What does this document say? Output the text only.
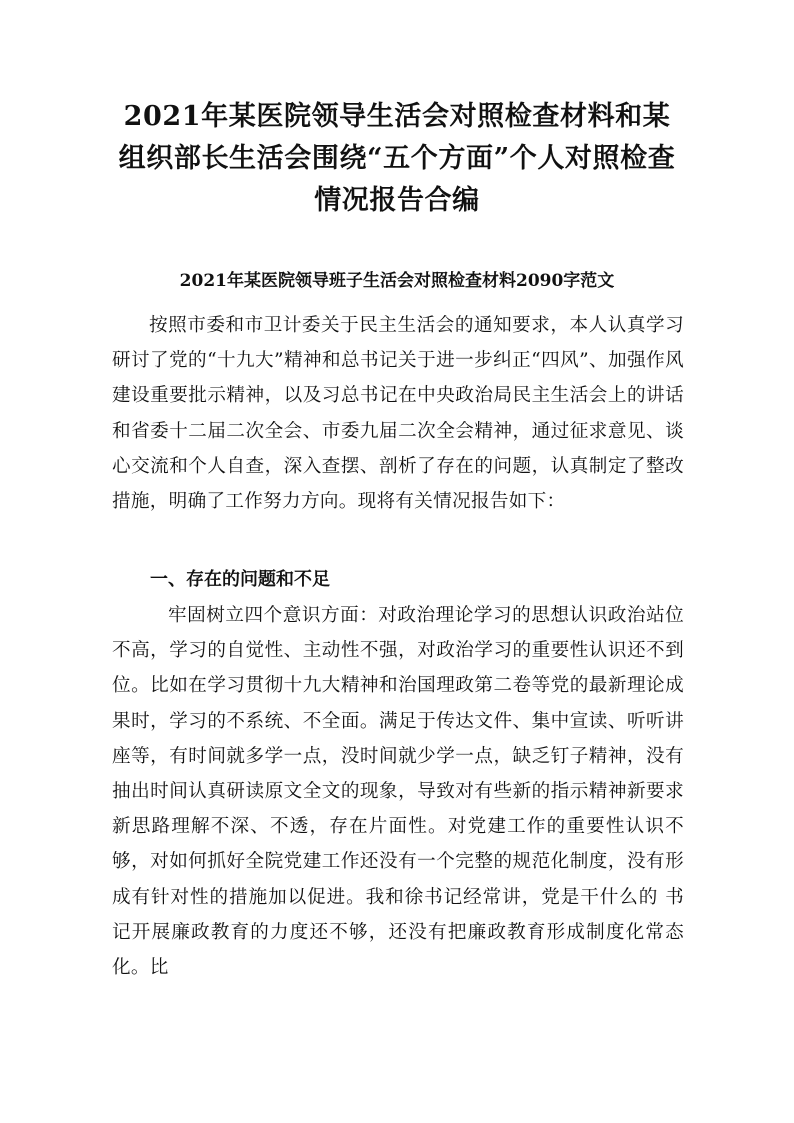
2021年某医院领导生活会对照检查材料和某组织部长生活会围绕“五个方面”个人对照检查情况报告合编
2021年某医院领导班子生活会对照检查材料2090字范文

按照市委和市卫计委关于民主生活会的通知要求，本人认真学习研讨了党的“十九大”精神和总书记关于进一步纠正“四风”、加强作风建设重要批示精神，以及习总书记在中央政治局民主生活会上的讲话和省委十二届二次全会、市委九届二次全会精神，通过征求意见、谈心交流和个人自查，深入查摆、剖析了存在的问题，认真制定了整改措施，明确了工作努力方向。现将有关情况报告如下：

一、存在的问题和不足

牢固树立四个意识方面：对政治理论学习的思想认识政治站位不高，学习的自觉性、主动性不强，对政治学习的重要性认识还不到位。比如在学习贯彻十九大精神和治国理政第二卷等党的最新理论成果时，学习的不系统、不全面。满足于传达文件、集中宣读、听听讲座等，有时间就多学一点，没时间就少学一点，缺乏钉子精神，没有抽出时间认真研读原文全文的现象，导致对有些新的指示精神新要求新思路理解不深、不透，存在片面性。对党建工作的重要性认识不够，对如何抓好全院党建工作还没有一个完整的规范化制度，没有形成有针对性的措施加以促进。我和徐书记经常讲，党是干什么的 书记开展廉政教育的力度还不够，还没有把廉政教育形成制度化常态化。比
